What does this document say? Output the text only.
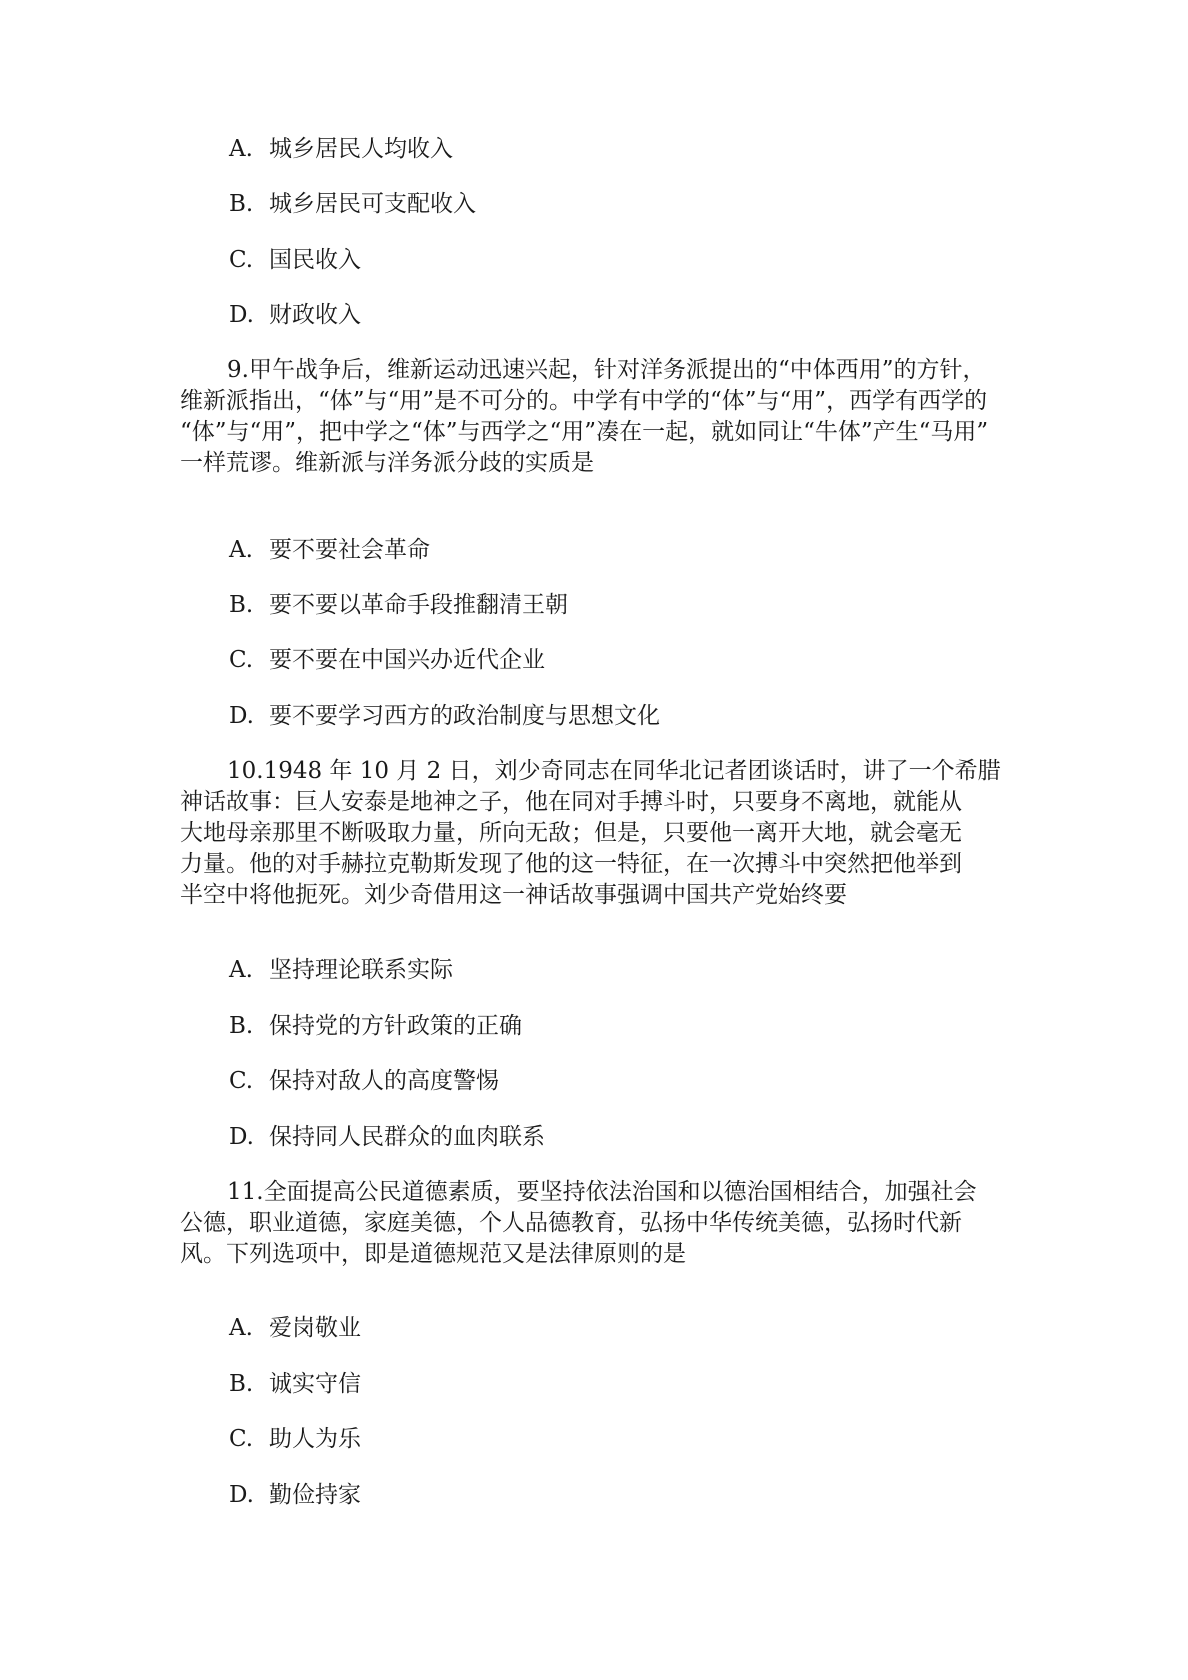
A. 城乡居民人均收入
B. 城乡居民可支配收入
C. 国民收入
D. 财政收入
9.甲午战争后，维新运动迅速兴起，针对洋务派提出的“中体西用”的方针，
维新派指出，“体”与“用”是不可分的。中学有中学的“体”与“用”，西学有西学的
“体”与“用”，把中学之“体”与西学之“用”凑在一起，就如同让“牛体”产生“马用”
一样荒谬。维新派与洋务派分歧的实质是
A. 要不要社会革命
B. 要不要以革命手段推翻清王朝
C. 要不要在中国兴办近代企业
D. 要不要学习西方的政治制度与思想文化
10.1948 年 10 月 2 日，刘少奇同志在同华北记者团谈话时，讲了一个希腊
神话故事：巨人安泰是地神之子，他在同对手搏斗时，只要身不离地，就能从
大地母亲那里不断吸取力量，所向无敌；但是，只要他一离开大地，就会毫无
力量。他的对手赫拉克勒斯发现了他的这一特征，在一次搏斗中突然把他举到
半空中将他扼死。刘少奇借用这一神话故事强调中国共产党始终要
A. 坚持理论联系实际
B. 保持党的方针政策的正确
C. 保持对敌人的高度警惕
D. 保持同人民群众的血肉联系
11.全面提高公民道德素质，要坚持依法治国和以德治国相结合，加强社会
公德，职业道德，家庭美德，个人品德教育，弘扬中华传统美德，弘扬时代新
风。下列选项中，即是道德规范又是法律原则的是
A. 爱岗敬业
B. 诚实守信
C. 助人为乐
D. 勤俭持家
